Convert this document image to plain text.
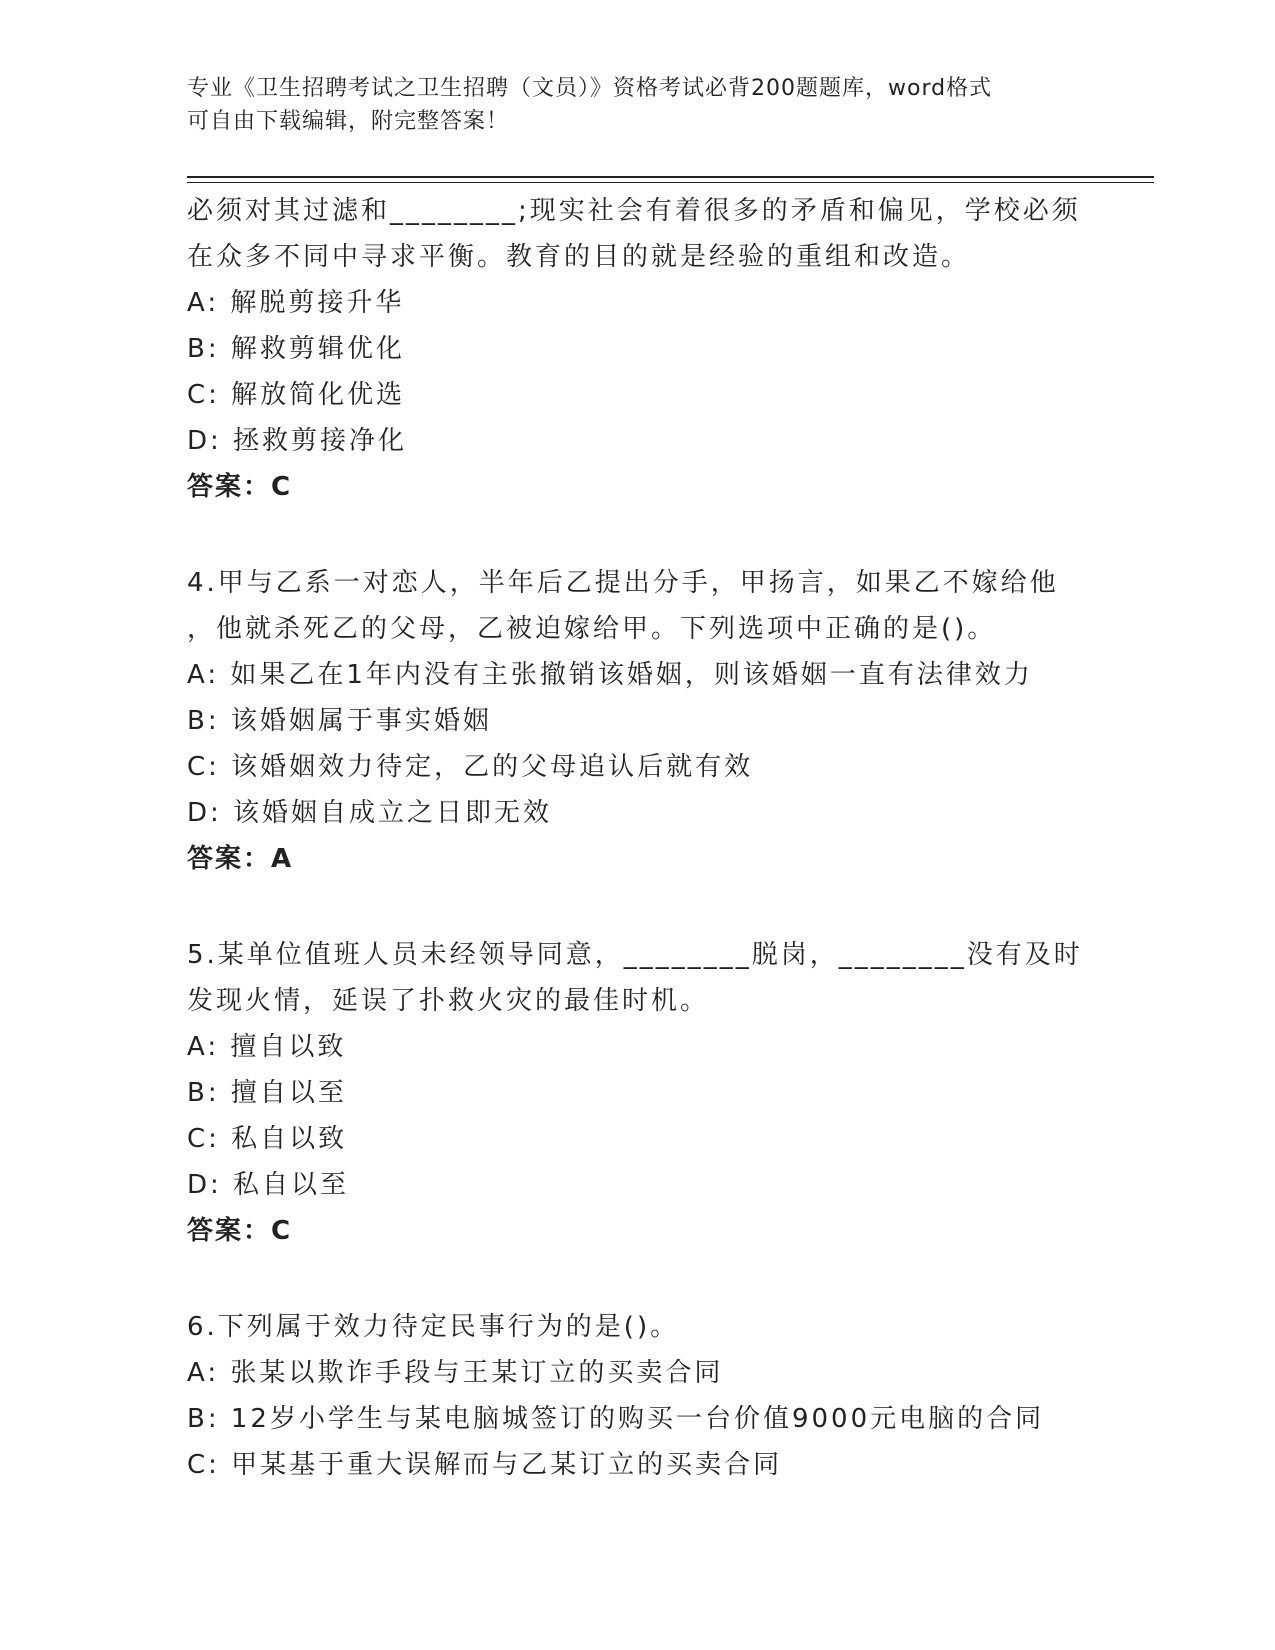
专业《卫生招聘考试之卫生招聘（文员）》资格考试必背200题题库，word格式
可自由下载编辑，附完整答案！
必须对其过滤和________;现实社会有着很多的矛盾和偏见，学校必须
在众多不同中寻求平衡。教育的目的就是经验的重组和改造。
A: 解脱剪接升华
B: 解救剪辑优化
C: 解放简化优选
D: 拯救剪接净化
答案：C
4.甲与乙系一对恋人，半年后乙提出分手，甲扬言，如果乙不嫁给他
，他就杀死乙的父母，乙被迫嫁给甲。下列选项中正确的是()。
A: 如果乙在1年内没有主张撤销该婚姻，则该婚姻一直有法律效力
B: 该婚姻属于事实婚姻
C: 该婚姻效力待定，乙的父母追认后就有效
D: 该婚姻自成立之日即无效
答案：A
5.某单位值班人员未经领导同意，________脱岗，________没有及时
发现火情，延误了扑救火灾的最佳时机。
A: 擅自以致
B: 擅自以至
C: 私自以致
D: 私自以至
答案：C
6.下列属于效力待定民事行为的是()。
A: 张某以欺诈手段与王某订立的买卖合同
B: 12岁小学生与某电脑城签订的购买一台价值9000元电脑的合同
C: 甲某基于重大误解而与乙某订立的买卖合同
